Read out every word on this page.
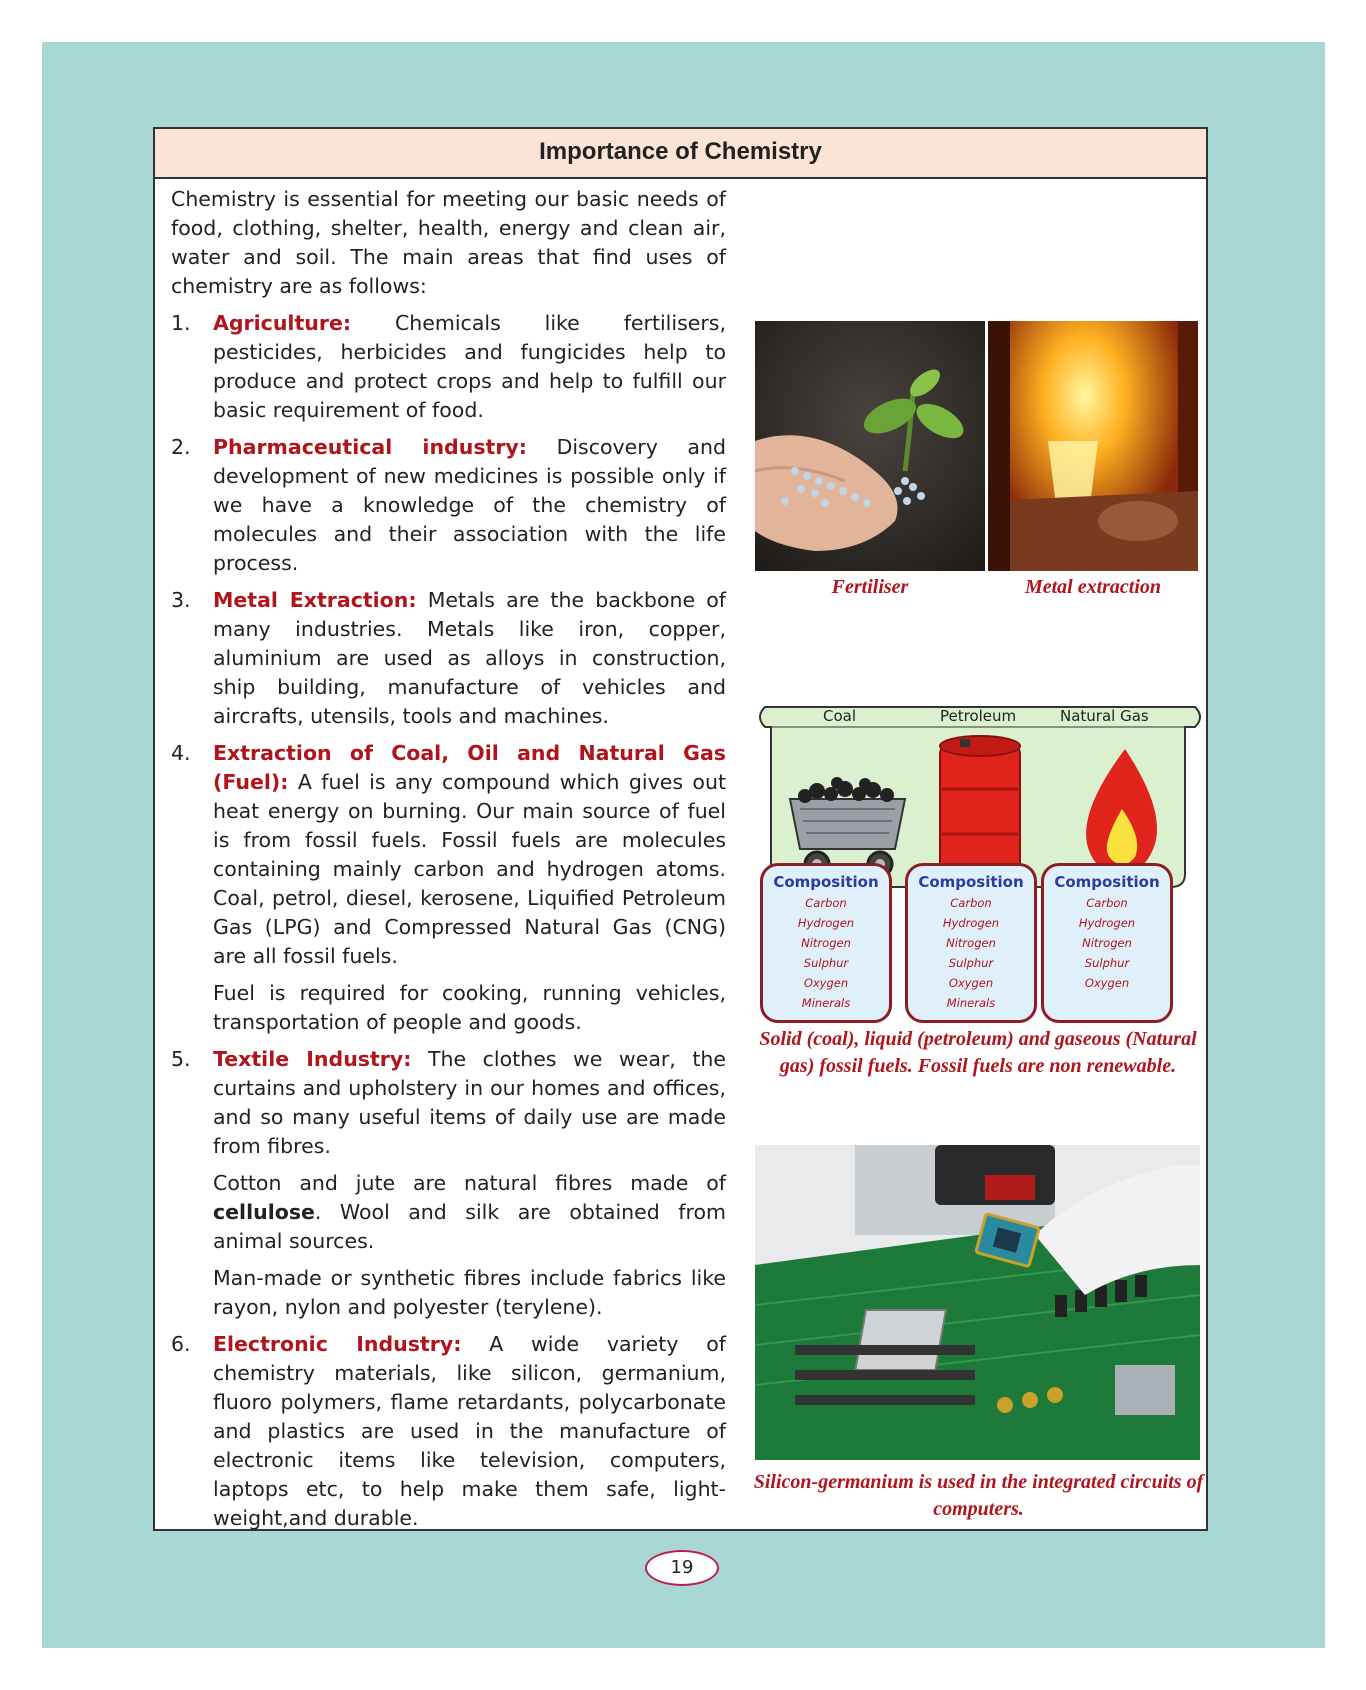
Importance of Chemistry

Chemistry is essential for meeting our basic needs of food, clothing, shelter, health, energy and clean air, water and soil. The main areas that find uses of chemistry are as follows:

1. Agriculture: Chemicals like fertilisers, pesticides, herbicides and fungicides help to produce and protect crops and help to fulfill our basic requirement of food.
2. Pharmaceutical industry: Discovery and development of new medicines is possible only if we have a knowledge of the chemistry of molecules and their association with the life process.
3. Metal Extraction: Metals are the backbone of many industries. Metals like iron, copper, aluminium are used as alloys in construction, ship building, manufacture of vehicles and aircrafts, utensils, tools and machines.
4. Extraction of Coal, Oil and Natural Gas (Fuel): A fuel is any compound which gives out heat energy on burning. Our main source of fuel is from fossil fuels. Fossil fuels are molecules containing mainly carbon and hydrogen atoms. Coal, petrol, diesel, kerosene, Liquified Petroleum Gas (LPG) and Compressed Natural Gas (CNG) are all fossil fuels.

Fuel is required for cooking, running vehicles, transportation of people and goods.

5. Textile Industry: The clothes we wear, the curtains and upholstery in our homes and offices, and so many useful items of daily use are made from fibres.

Cotton and jute are natural fibres made of cellulose. Wool and silk are obtained from animal sources.

Man-made or synthetic fibres include fabrics like rayon, nylon and polyester (terylene).

6. Electronic Industry: A wide variety of chemistry materials, like silicon, germanium, fluoro polymers, flame retardants, polycarbonate and plastics are used in the manufacture of electronic items like television, computers, laptops etc, to help make them safe, light-weight,and durable.
Fertiliser	Metal extraction
Coal	Petroleum	Natural Gas
Composition
Carbon
Hydrogen
Nitrogen
Sulphur
Oxygen
Minerals
Composition
Carbon
Hydrogen
Nitrogen
Sulphur
Oxygen
Minerals
Composition
Carbon
Hydrogen
Nitrogen
Sulphur
Oxygen
Solid (coal), liquid (petroleum) and gaseous (Natural gas) fossil fuels. Fossil fuels are non renewable.
Silicon-germanium is used in the integrated circuits of computers.
19
